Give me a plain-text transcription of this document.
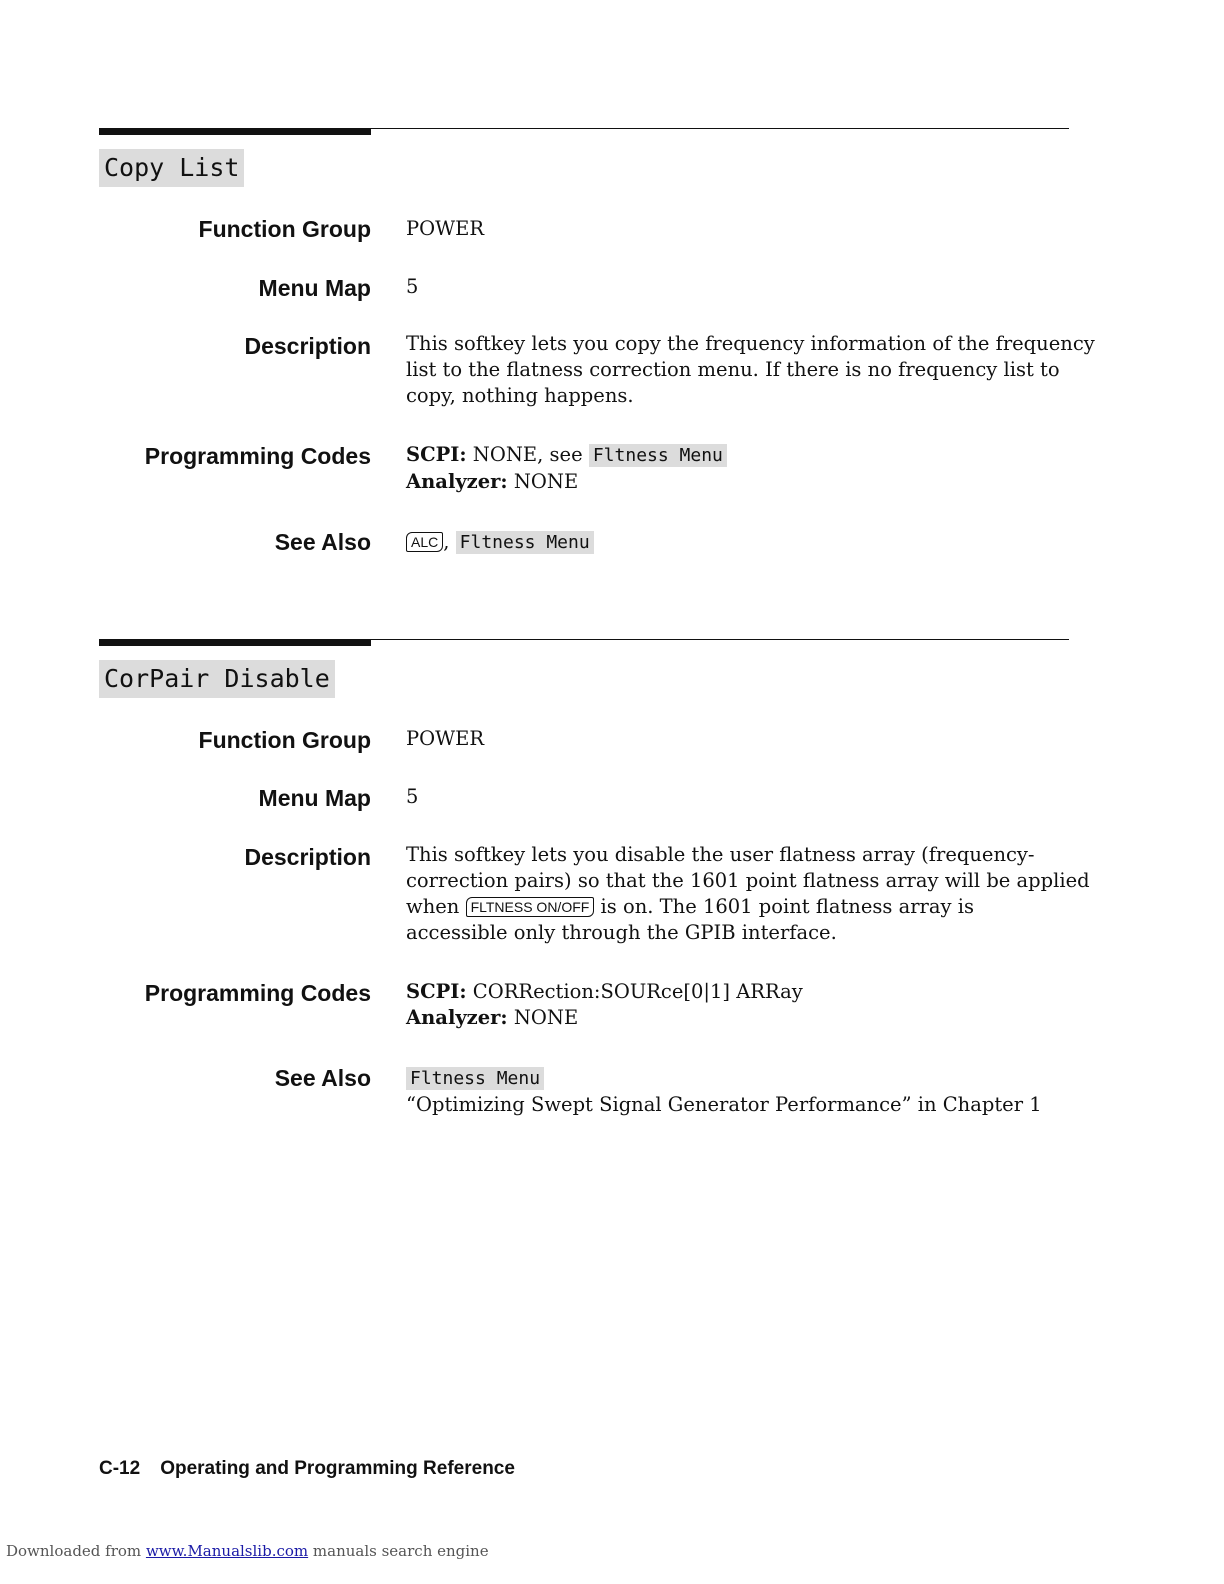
Copy List
Function Group POWER

Menu Map 5

Description This softkey lets you copy the frequency information of the frequency

list to the flatness correction menu. If there is no frequency list to

copy, nothing happens.

Programming Codes SCPI: NONE, see Fltness Menu

Analyzer: NONE

See Also	ALC , Fltness Menu

CorPair Disable
Function Group POWER

Menu Map 5

Description This softkey lets you disable the user flatness array (frequency-

correction pairs) so that the 1601 point flatness array will be applied

when FLTNESS ON/OFF is on. The 1601 point flatness array is

accessible only through the GPIB interface.

Programming Codes SCPI: CORRection:SOURce[0|1] ARRay

Analyzer: NONE

See Also Fltness Menu

“Optimizing Swept Signal Generator Performance” in Chapter 1

C-12 Operating and Programming Reference
Downloaded from www.Manualslib.com manuals search engine
